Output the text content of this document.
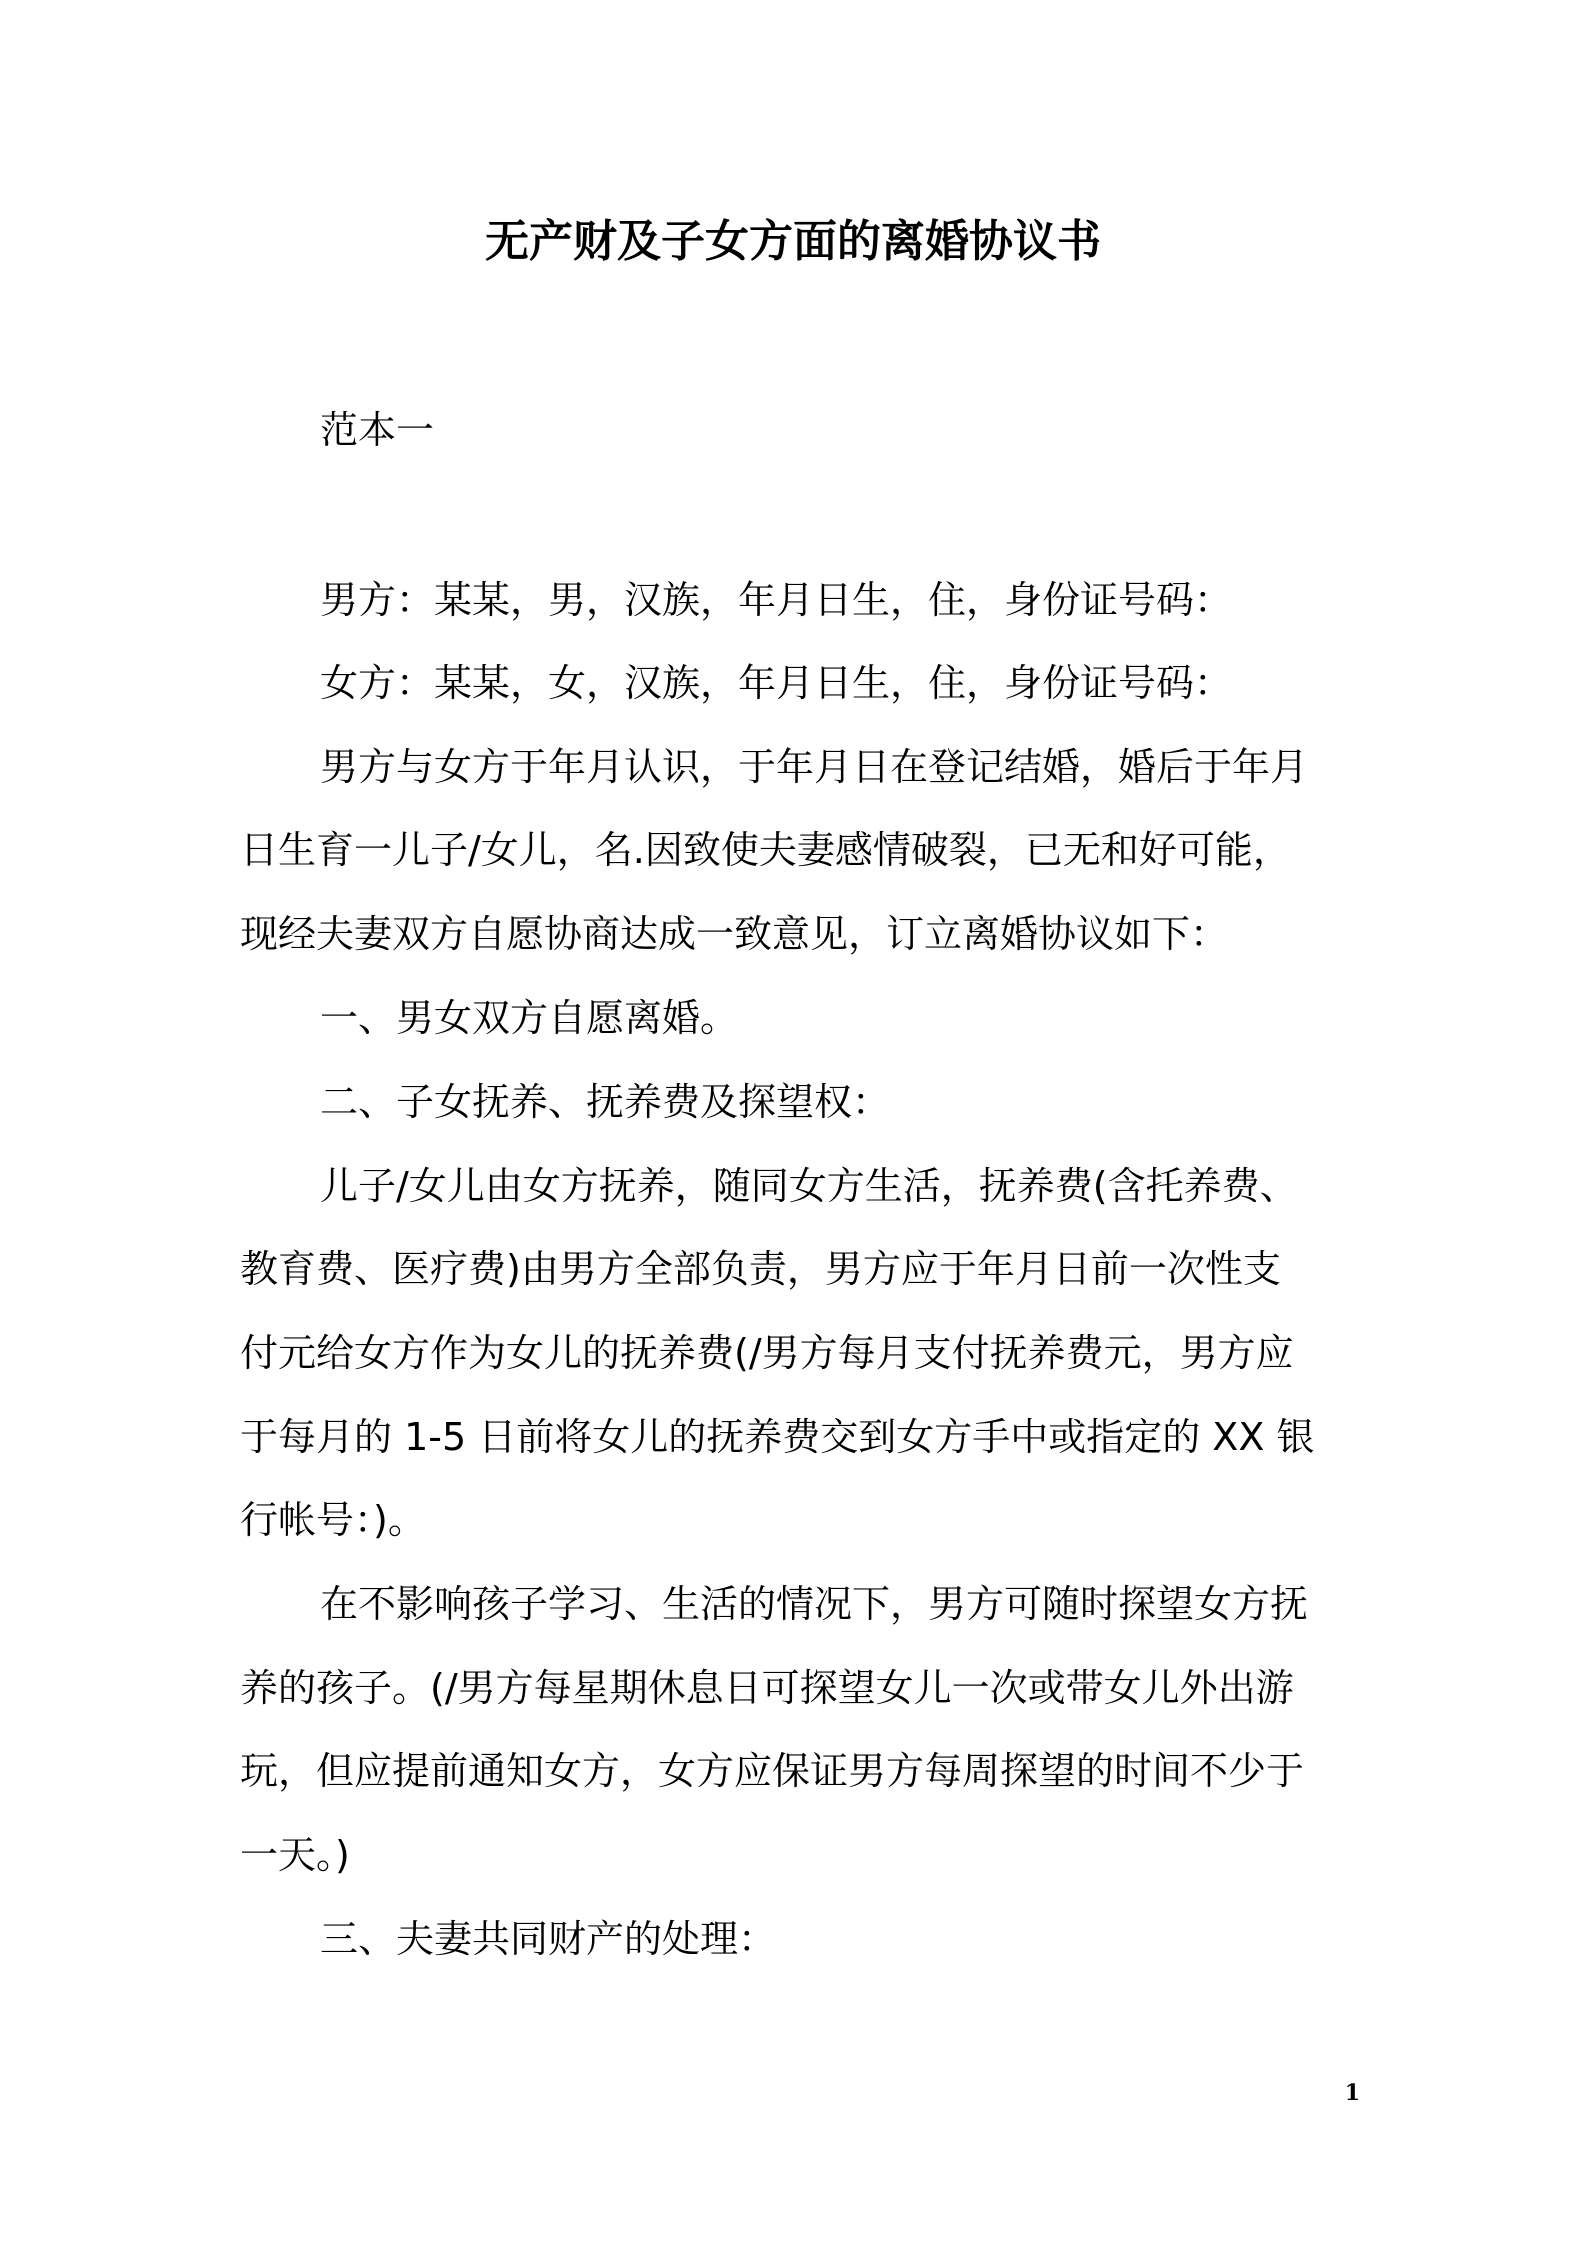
无产财及子女方面的离婚协议书
范本一
男方：某某，男，汉族，年月日生，住，身份证号码：
女方：某某，女，汉族，年月日生，住，身份证号码：
男方与女方于年月认识，于年月日在登记结婚，婚后于年月
日生育一儿子/女儿，名.因致使夫妻感情破裂，已无和好可能，
现经夫妻双方自愿协商达成一致意见，订立离婚协议如下：
一、男女双方自愿离婚。
二、子女抚养、抚养费及探望权：
儿子/女儿由女方抚养，随同女方生活，抚养费(含托养费、
教育费、医疗费)由男方全部负责，男方应于年月日前一次性支
付元给女方作为女儿的抚养费(/男方每月支付抚养费元，男方应
于每月的 1-5 日前将女儿的抚养费交到女方手中或指定的 XX 银
行帐号：)。
在不影响孩子学习、生活的情况下，男方可随时探望女方抚
养的孩子。(/男方每星期休息日可探望女儿一次或带女儿外出游
玩，但应提前通知女方，女方应保证男方每周探望的时间不少于
一天。)
三、夫妻共同财产的处理：
1
